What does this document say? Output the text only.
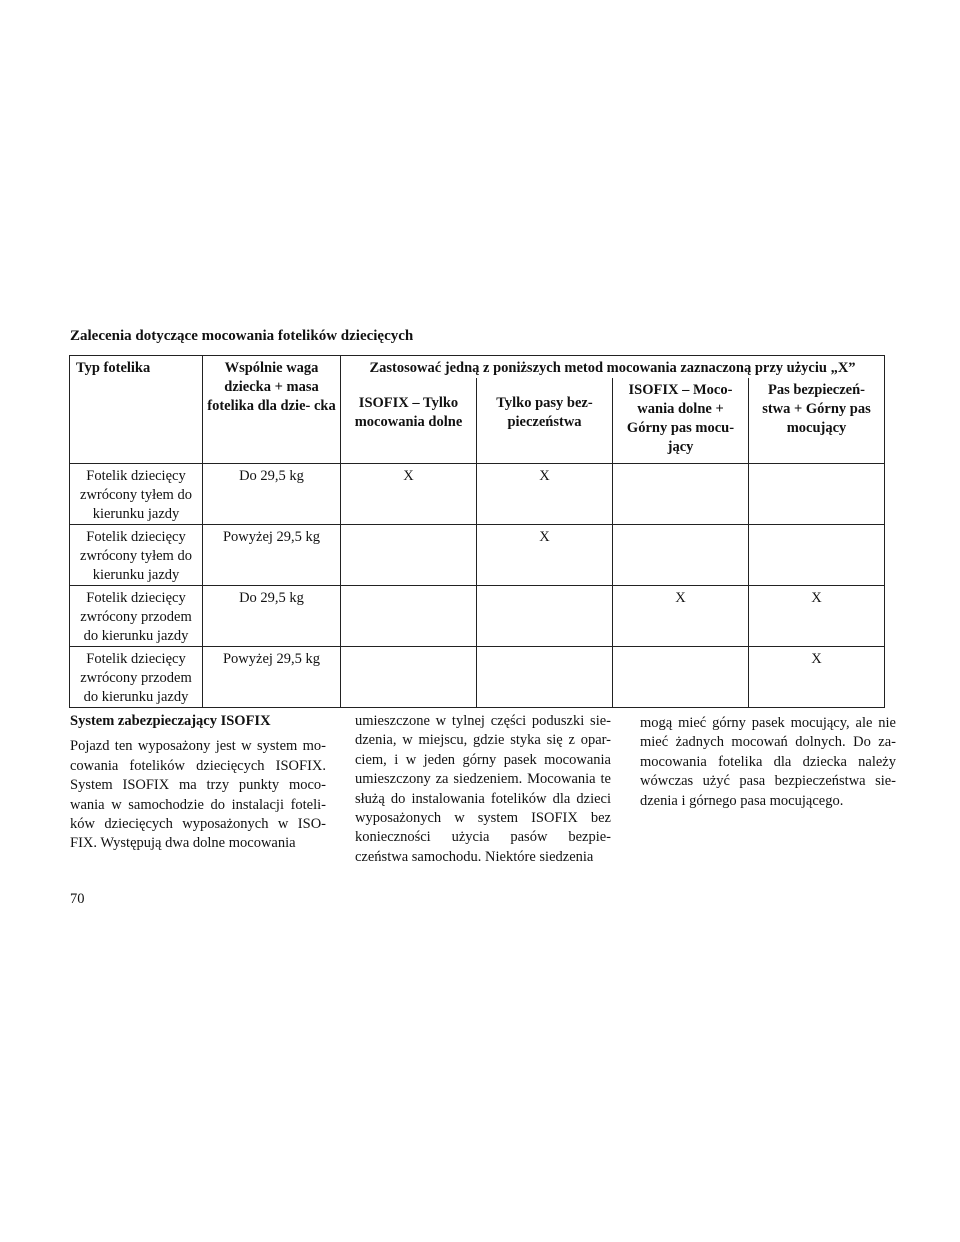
Zalecenia dotyczące mocowania fotelików dziecięcych
Typ fotelika	Wspólnie waga dziecka + masa fotelika dla dzie- cka	Zastosować jedną z poniższych metod mocowania zaznaczoną przy użyciu „X”			
		ISOFIX – Tylko mocowania dolne	Tylko pasy bez- pieczeństwa	ISOFIX – Moco- wania dolne + Górny pas mocu- jący	Pas bezpieczeń- stwa + Górny pas mocujący
Fotelik dziecięcy zwrócony tyłem do kierunku jazdy	Do 29,5 kg	X	X		
Fotelik dziecięcy zwrócony tyłem do kierunku jazdy	Powyżej 29,5 kg		X		
Fotelik dziecięcy zwrócony przodem do kierunku jazdy	Do 29,5 kg			X	X
Fotelik dziecięcy zwrócony przodem do kierunku jazdy	Powyżej 29,5 kg				X
System zabezpieczający ISOFIX

Pojazd ten wyposażony jest w system mo- cowania fotelików dziecięcych ISOFIX. System ISOFIX ma trzy punkty moco- wania w samochodzie do instalacji foteli- ków dziecięcych wyposażonych w ISO- FIX. Występują dwa dolne mocowania

umieszczone w tylnej części poduszki sie- dzenia, w miejscu, gdzie styka się z opar- ciem, i w jeden górny pasek mocowania umieszczony za siedzeniem. Mocowania te służą do instalowania fotelików dla dzieci wyposażonych w system ISOFIX bez konieczności użycia pasów bezpie- czeństwa samochodu. Niektóre siedzenia
mogą mieć górny pasek mocujący, ale nie mieć żadnych mocowań dolnych. Do za- mocowania fotelika dla dziecka należy wówczas użyć pasa bezpieczeństwa sie- dzenia i górnego pasa mocującego.
70
